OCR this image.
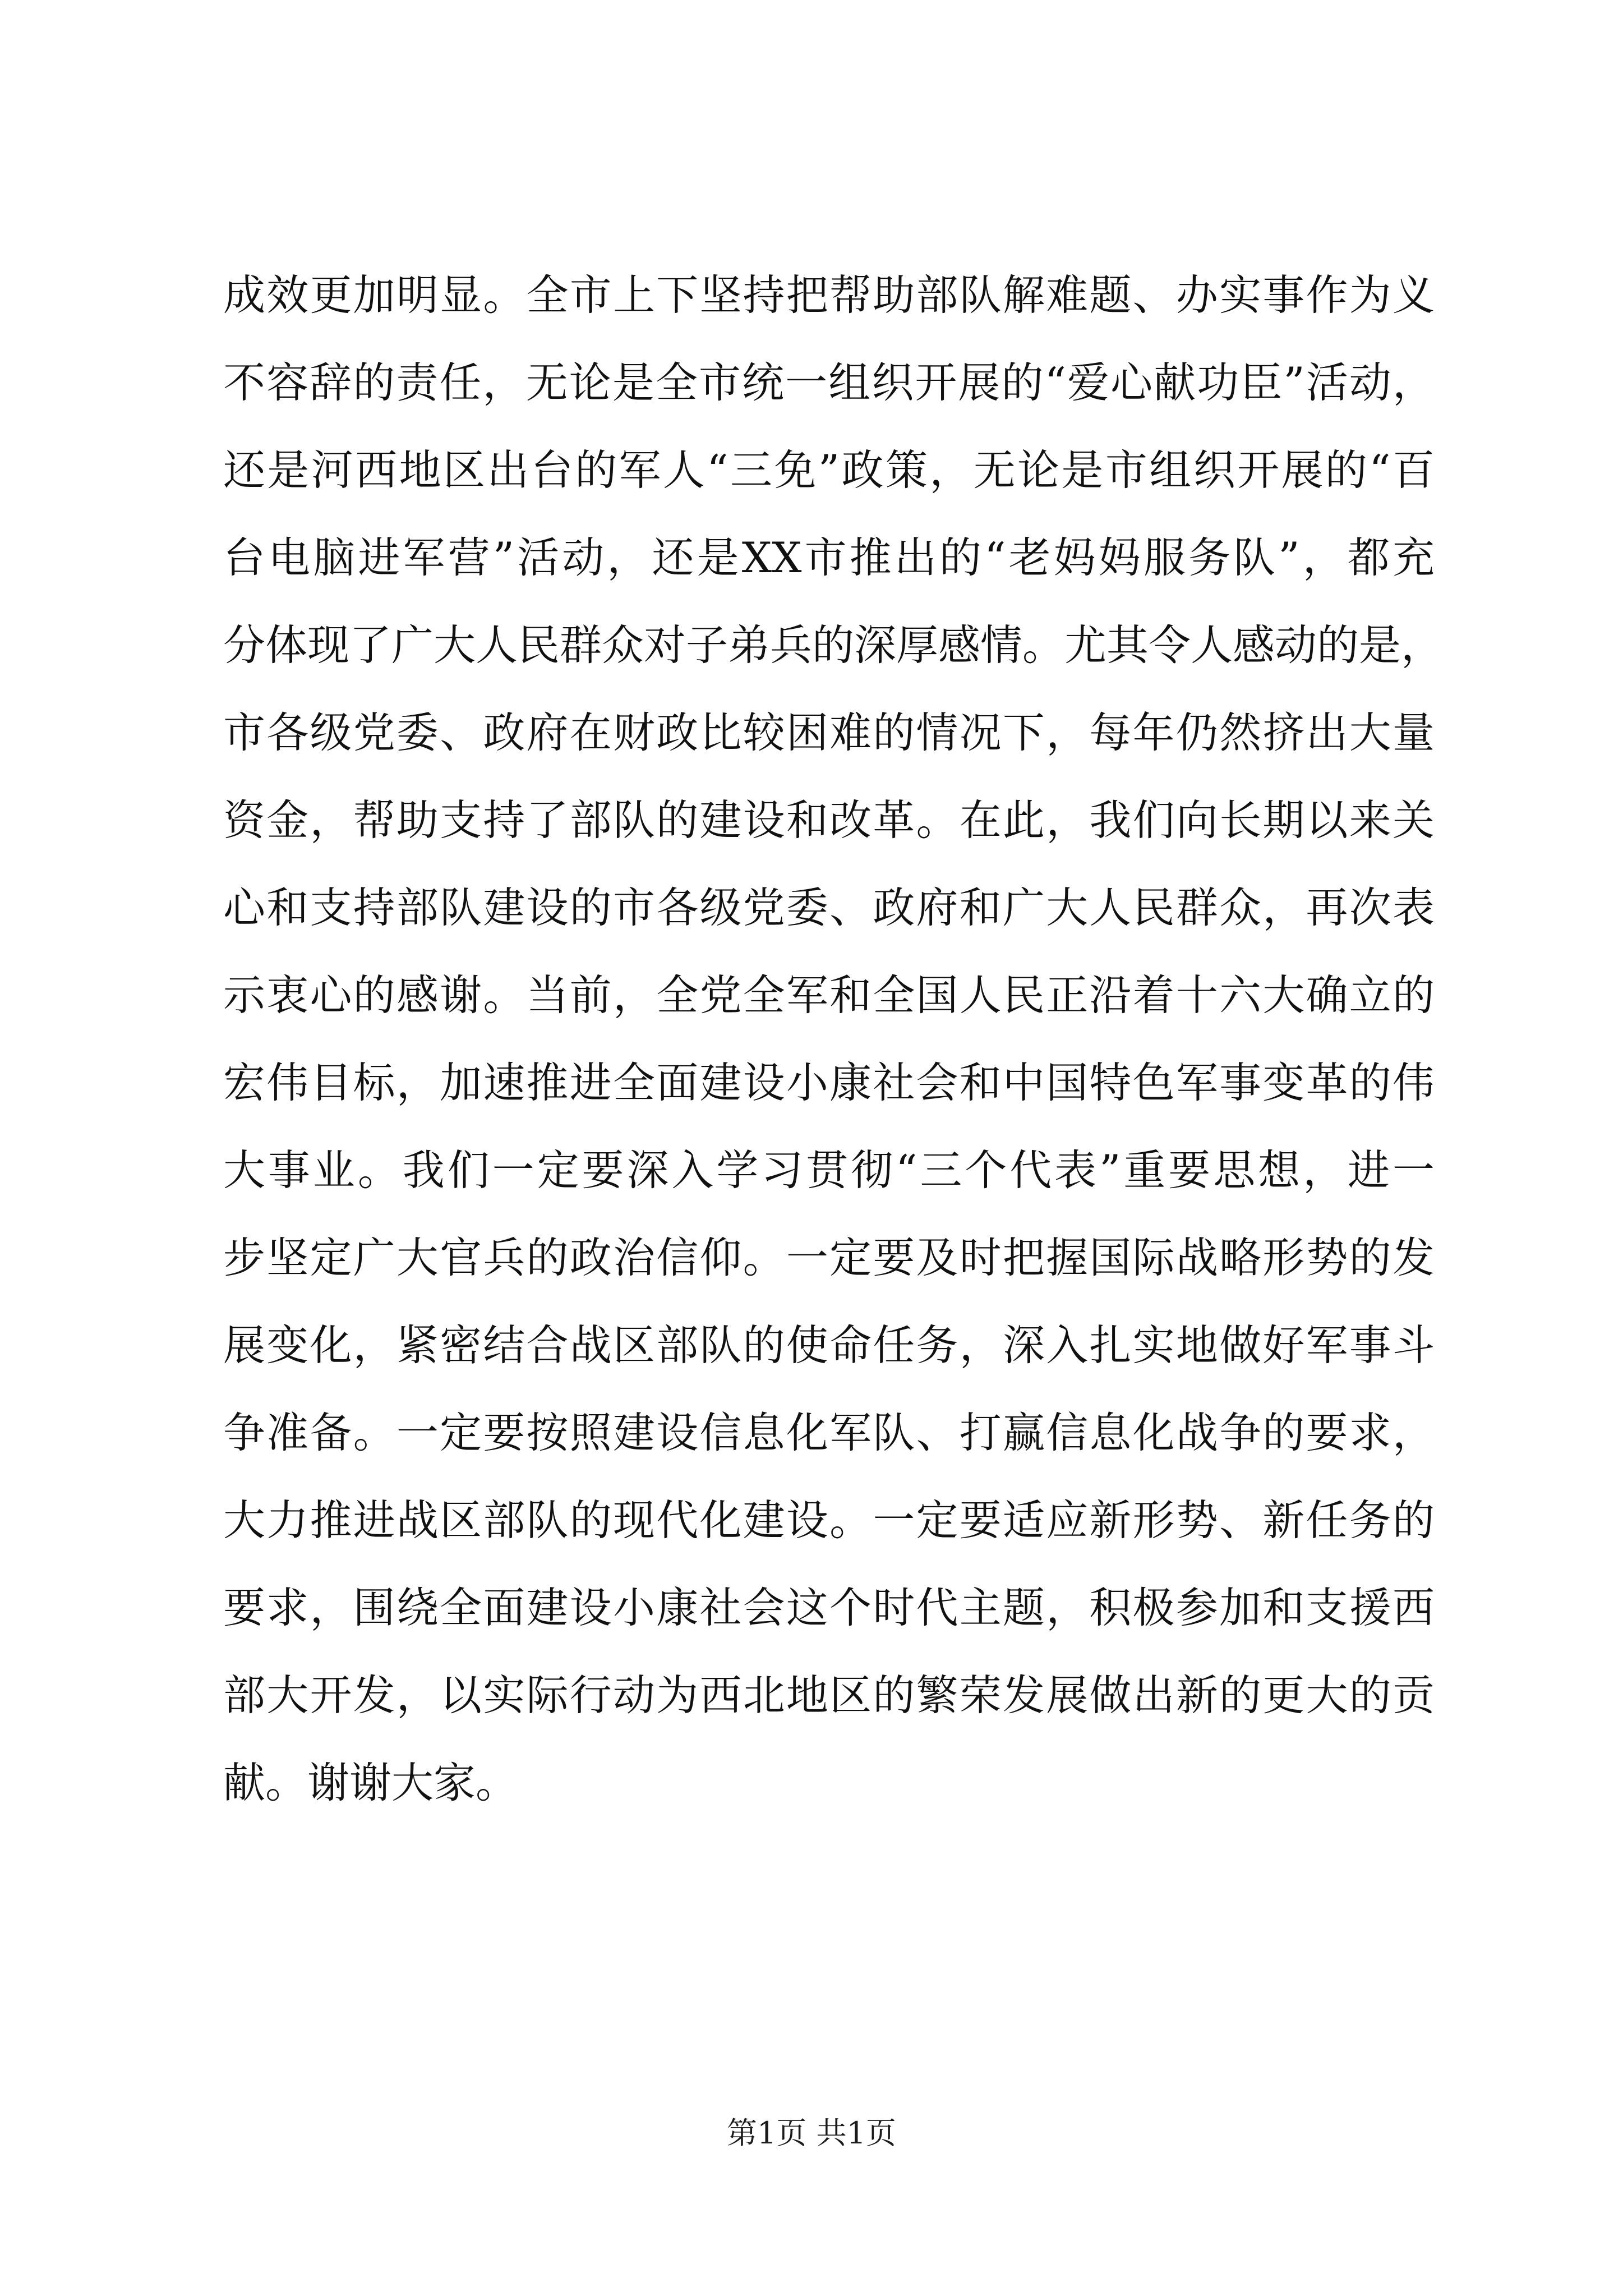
成效更加明显。全市上下坚持把帮助部队解难题、办实事作为义
不容辞的责任，无论是全市统一组织开展的“爱心献功臣”活动，
还是河西地区出台的军人“三免”政策，无论是市组织开展的“百
台电脑进军营”活动，还是XX市推出的“老妈妈服务队”，都充
分体现了广大人民群众对子弟兵的深厚感情。尤其令人感动的是，
市各级党委、政府在财政比较困难的情况下，每年仍然挤出大量
资金，帮助支持了部队的建设和改革。在此，我们向长期以来关
心和支持部队建设的市各级党委、政府和广大人民群众，再次表
示衷心的感谢。当前，全党全军和全国人民正沿着十六大确立的
宏伟目标，加速推进全面建设小康社会和中国特色军事变革的伟
大事业。我们一定要深入学习贯彻“三个代表”重要思想，进一
步坚定广大官兵的政治信仰。一定要及时把握国际战略形势的发
展变化，紧密结合战区部队的使命任务，深入扎实地做好军事斗
争准备。一定要按照建设信息化军队、打赢信息化战争的要求，
大力推进战区部队的现代化建设。一定要适应新形势、新任务的
要求，围绕全面建设小康社会这个时代主题，积极参加和支援西
部大开发，以实际行动为西北地区的繁荣发展做出新的更大的贡
献。谢谢大家。
第1页 共1页
